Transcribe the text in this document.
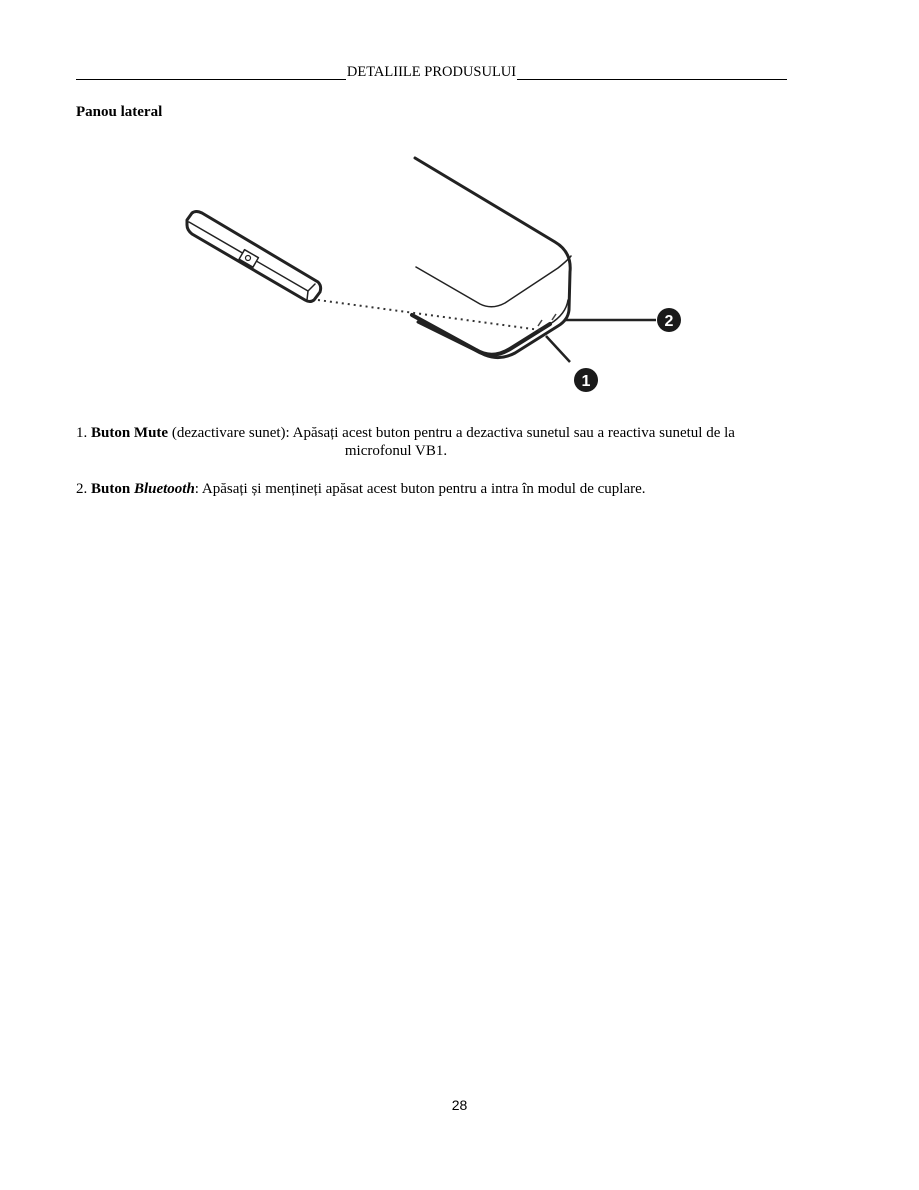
DETALIILE PRODUSULUI
Panou lateral
2
1
1. Buton Mute (dezactivare sunet): Apăsați acest buton pentru a dezactiva sunetul sau a reactiva sunetul de la
microfonul VB1.
2. Buton Bluetooth: Apăsați și mențineți apăsat acest buton pentru a intra în modul de cuplare.
28
